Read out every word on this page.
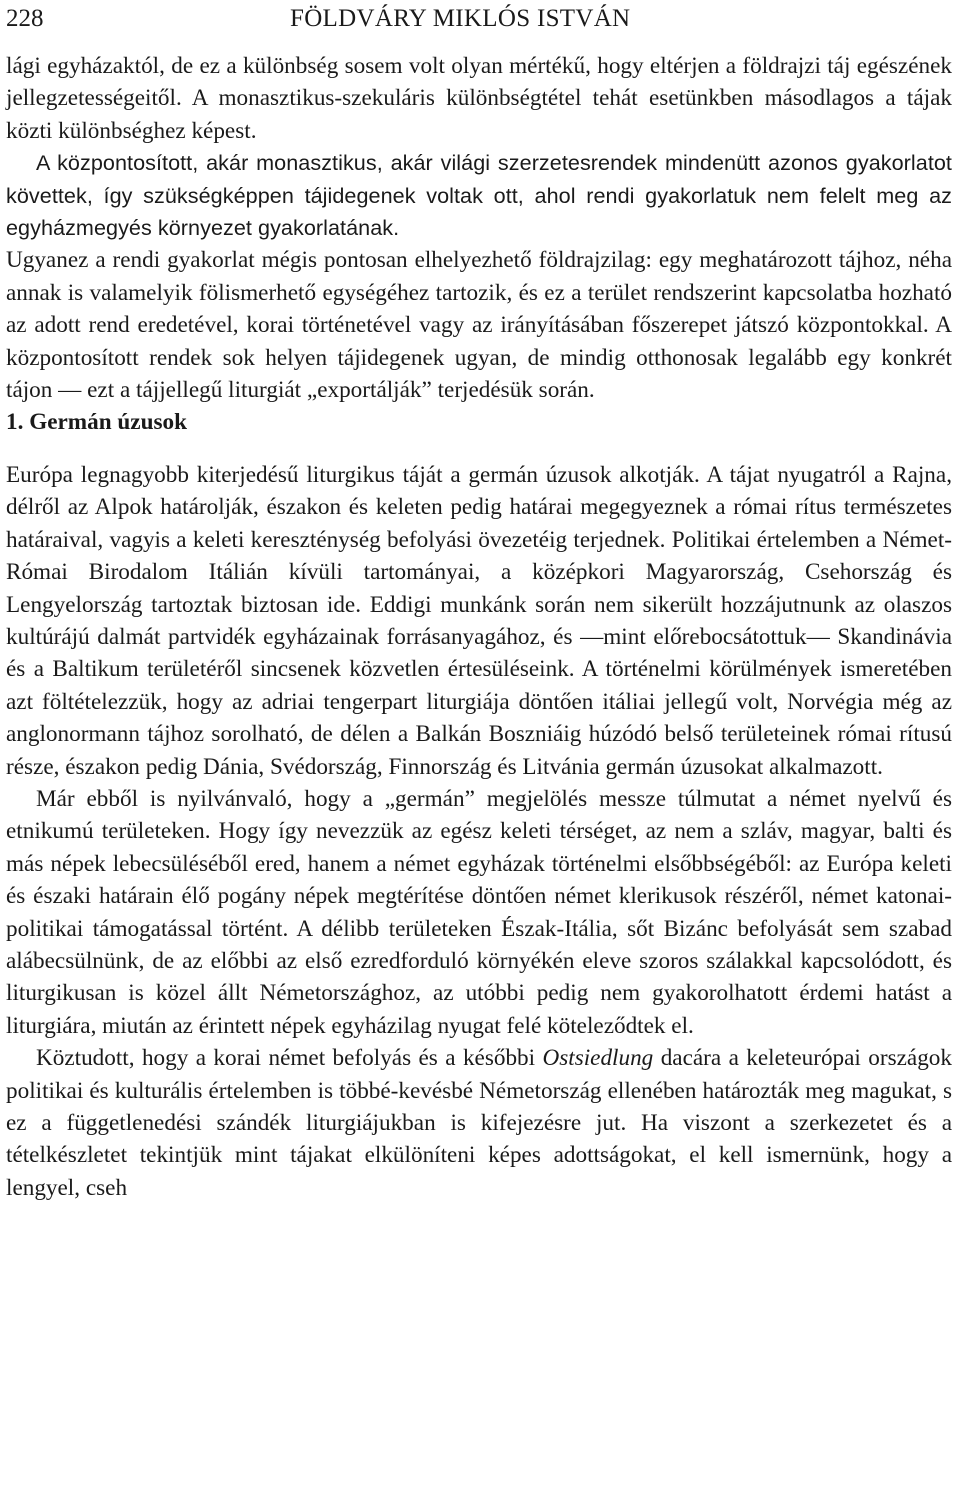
228	FÖLDVÁRY MIKLÓS ISTVÁN

lági egyházaktól, de ez a különbség sosem volt olyan mértékű, hogy eltérjen a földrajzi táj egészének jellegzetességeitől. A monasztikus-szekuláris különbségtétel tehát esetünkben másodlagos a tájak közti különbséghez képest.

A központosított, akár monasztikus, akár világi szerzetesrendek mindenütt azonos gyakorlatot követtek, így szükségképpen tájidegenek voltak ott, ahol rendi gyakorlatuk nem felelt meg az egyházmegyés környezet gyakorlatának.

Ugyanez a rendi gyakorlat mégis pontosan elhelyezhető földrajzilag: egy meghatározott tájhoz, néha annak is valamelyik fölismerhető egységéhez tartozik, és ez a terület rendszerint kapcsolatba hozható az adott rend eredetével, korai történetével vagy az irányításában főszerepet játszó központokkal. A központosított rendek sok helyen tájidegenek ugyan, de mindig otthonosak legalább egy konkrét tájon — ezt a tájjellegű liturgiát „exportálják” terjedésük során.

1. Germán úzusok

Európa legnagyobb kiterjedésű liturgikus táját a germán úzusok alkotják. A tájat nyugatról a Rajna, délről az Alpok határolják, északon és keleten pedig határai megegyeznek a római rítus természetes határaival, vagyis a keleti kereszténység befolyási övezetéig terjednek. Politikai értelemben a Német-Római Birodalom Itálián kívüli tartományai, a középkori Magyarország, Csehország és Lengyelország tartoztak biztosan ide. Eddigi munkánk során nem sikerült hozzájutnunk az olaszos kultúrájú dalmát partvidék egyházainak forrásanyagához, és —mint előrebocsátottuk— Skandinávia és a Baltikum területéről sincsenek közvetlen értesüléseink. A történelmi körülmények ismeretében azt föltételezzük, hogy az adriai tengerpart liturgiája döntően itáliai jellegű volt, Norvégia még az anglonormann tájhoz sorolható, de délen a Balkán Boszniáig húzódó belső területeinek római rítusú része, északon pedig Dánia, Svédország, Finnország és Litvánia germán úzusokat alkalmazott.

Már ebből is nyilvánvaló, hogy a „germán” megjelölés messze túlmutat a német nyelvű és etnikumú területeken. Hogy így nevezzük az egész keleti térséget, az nem a szláv, magyar, balti és más népek lebecsüléséből ered, hanem a német egyházak történelmi elsőbbségéből: az Európa keleti és északi határain élő pogány népek megtérítése döntően német klerikusok részéről, német katonai-politikai támogatással történt. A délibb területeken Észak-Itália, sőt Bizánc befolyását sem szabad alábecsülnünk, de az előbbi az első ezredforduló környékén eleve szoros szálakkal kapcsolódott, és liturgikusan is közel állt Németországhoz, az utóbbi pedig nem gyakorolhatott érdemi hatást a liturgiára, miután az érintett népek egyházilag nyugat felé köteleződtek el.

Köztudott, hogy a korai német befolyás és a későbbi Ostsiedlung dacára a keleteurópai országok politikai és kulturális értelemben is többé-kevésbé Németország ellenében határozták meg magukat, s ez a függetlenedési szándék liturgiájukban is kifejezésre jut. Ha viszont a szerkezetet és a tételkészletet tekintjük mint tájakat elkülöníteni képes adottságokat, el kell ismernünk, hogy a lengyel, cseh
